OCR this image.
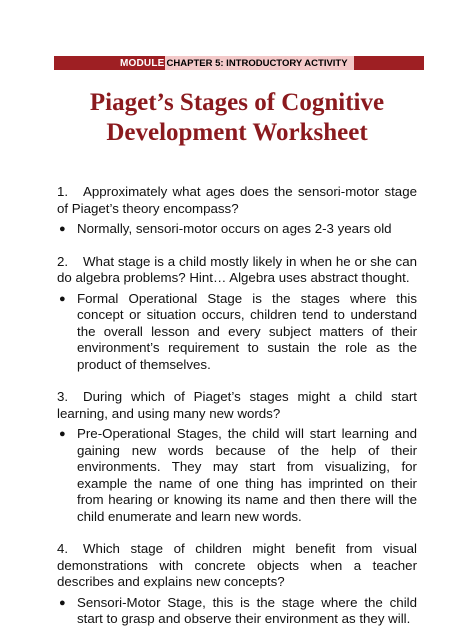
MODULE CHAPTER 5: INTRODUCTORY ACTIVITY
Piaget’s Stages of Cognitive
Development Worksheet

1. Approximately what ages does the sensori-motor stage of Piaget’s theory encompass?

● Normally, sensori-motor occurs on ages 2-3 years old

2. What stage is a child mostly likely in when he or she can do algebra problems? Hint… Algebra uses abstract thought.

● Formal Operational Stage is the stages where this concept or situation occurs, children tend to understand the overall lesson and every subject matters of their environment’s requirement to sustain the role as the product of themselves.

3. During which of Piaget’s stages might a child start learning, and using many new words?

● Pre-Operational Stages, the child will start learning and gaining new words because of the help of their environments. They may start from visualizing, for example the name of one thing has imprinted on their from hearing or knowing its name and then there will the child enumerate and learn new words.

4. Which stage of children might benefit from visual demonstrations with concrete objects when a teacher describes and explains new concepts?

● Sensori-Motor Stage, this is the stage where the child start to grasp and observe their environment as they will.
